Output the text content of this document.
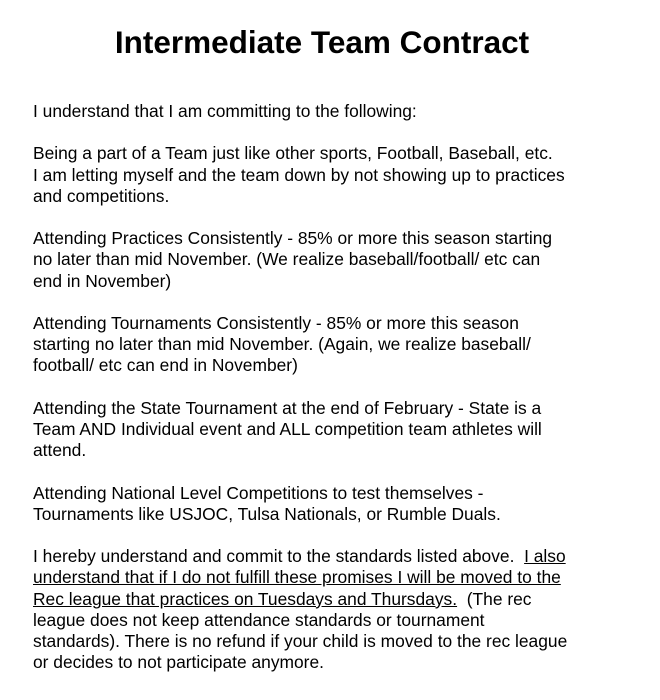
Intermediate Team Contract

I understand that I am committing to the following:

Being a part of a Team just like other sports, Football, Baseball, etc.
I am letting myself and the team down by not showing up to practices
and competitions.

Attending Practices Consistently - 85% or more this season starting
no later than mid November. (We realize baseball/football/ etc can
end in November)

Attending Tournaments Consistently - 85% or more this season
starting no later than mid November. (Again, we realize baseball/
football/ etc can end in November)

Attending the State Tournament at the end of February - State is a
Team AND Individual event and ALL competition team athletes will
attend.

Attending National Level Competitions to test themselves -
Tournaments like USJOC, Tulsa Nationals, or Rumble Duals.

I hereby understand and commit to the standards listed above.  I also
understand that if I do not fulfill these promises I will be moved to the
Rec league that practices on Tuesdays and Thursdays.  (The rec
league does not keep attendance standards or tournament
standards). There is no refund if your child is moved to the rec league
or decides to not participate anymore.
